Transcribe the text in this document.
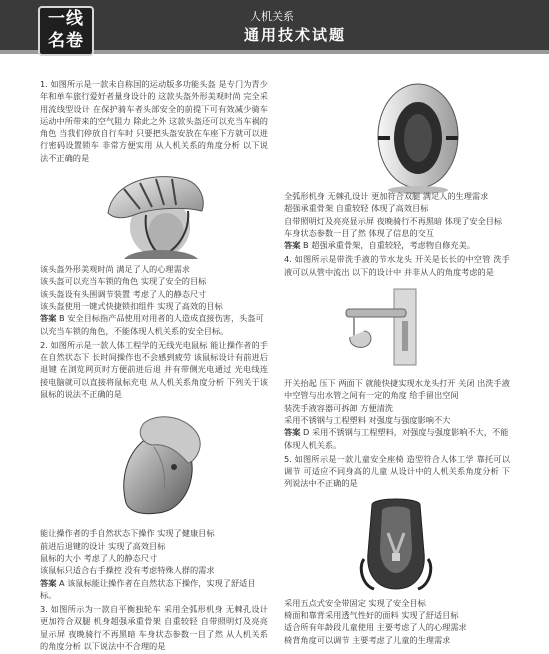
一线
名卷
人机关系
通用技术试题

1. 如图所示是一款未自称国的运动版多功能头盔 是专门为青少年和单车旅行爱好者量身设计的 这款头盔外形美观时尚 完全采用流线型设计 在保护骑车者头部安全的前提下可有效减少骑车运动中所带来的空气阻力 除此之外 这款头盔还可以充当车祸的角色 当我们停放自行车时 只要把头盔安放在车座下方就可以进行密码设置锁车 非常方便实用 从人机关系的角度分析 以下说法不正确的是

该头盔外形美观时尚 满足了人的心理需求
该头盔可以充当车锁的角色 实现了安全的目标
该头盔设有头围调节装置 考虑了人的静态尺寸
该头盔使用一键式快捷锁扣组件 实现了高效的目标

答案 B 安全目标指产品使用对用者的人造成直接伤害，头盔可以充当车锁的角色，不能体现人机关系的安全目标。

2. 如图所示是一款人体工程学的无线光电鼠标 能让操作者的手在自然状态下 长时间操作也不会感到疲劳 该鼠标设计有前进后退键 在浏览网页时方便前进后退 并有带侧光电通过 光电线连接电脑就可以直接将鼠标充电 从人机关系角度分析 下列关于该鼠标的说法不正确的是

能让操作者的手自然状态下操作 实现了健康目标
前进后退键的设计 实现了高效目标
鼠标的大小 考虑了人的静态尺寸
该鼠标只适合右手操控 没有考虑特殊人群的需求

答案 A 该鼠标能让操作者在自然状态下操作，实现了舒适目标。

3. 如图所示为一款自平衡独轮车 采用全弧形机身 无棘孔设计 更加符合双腿 机身超强承重骨架 自重较轻 自带照明灯及亮亮显示屏 夜晚骑行不再黑暗 车身状态参数一目了然 从人机关系的角度分析 以下说法中不合理的是

全弧形机身 无棘孔设计 更加符合双腿 满足人的生理需求
超强承重骨架 自重较轻 体现了高效目标
自带照明灯及亮亮显示屏 夜晚骑行不再黑暗 体现了安全目标
车身状态参数一目了然 体现了信息的交互

答案 B 超强承重骨架，自重较轻，考虑物自修充美。

4. 如图所示是带洗手液的节水龙头 开关是长长的中空管 洗手液可以从管中流出 以下的设计中 并非从人的角度考虑的是

开关抬起 压下 两面下 就能快捷实现水龙头打开 关闭 出洗手液
中空管与出水管之间有一定的角度 给手留出空间
装洗手液容器可拆卸 方便清洗
采用不锈钢与工程塑料 对强度与强度影响不大

答案 D 采用不锈钢与工程塑料，对强度与强度影响不大，不能体现人机关系。

5. 如图所示是一款儿童安全座椅 造型符合人体工学 靠托可以调节 可适应不同身高的儿童 从设计中的人机关系角度分析 下列说法中不正确的是

采用五点式安全带固定 实现了安全目标
椅面和靠背采用透气性好的面料 实现了舒适目标
适合所有年龄段儿童使用 主要考虑了人的心理需求
椅背角度可以调节 主要考虑了儿童的生理需求
